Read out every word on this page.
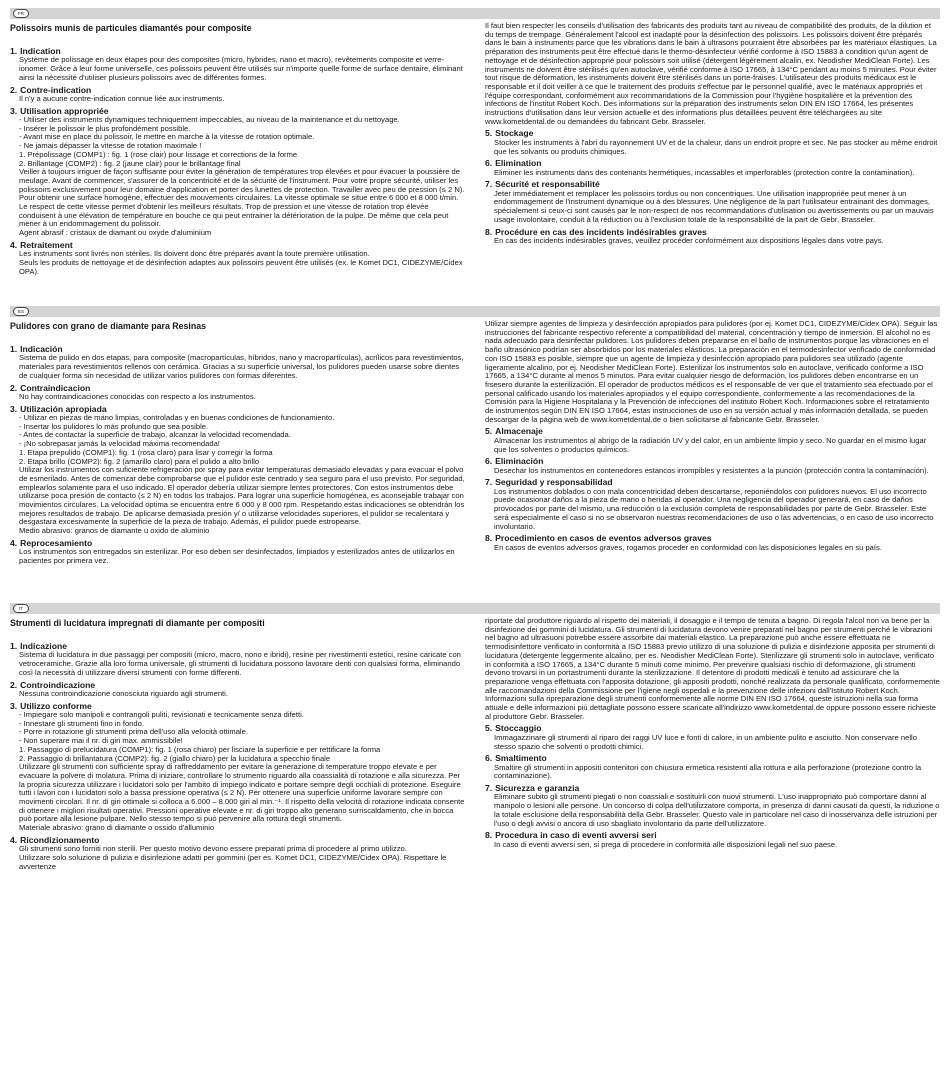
FR
Polissoirs munis de particules diamantés pour composite
1. Indication
Système de polissage en deux étapes pour des composites (micro, hybrides, nano et macro), revêtements composite et verre-ionomer. Grâce à leur forme universelle, ces polissoirs peuvent être utilisés sur n'importe quelle forme de surface dentaire, éliminant ainsi la nécessité d'utiliser plusieurs polissoirs avec de différentes formes.
2. Contre-indication
Il n'y a aucune contre-indication connue liée aux instruments.
3. Utilisation appropriée
- Utiliser des instruments dynamiques techniquement impeccables, au niveau de la maintenance et du nettoyage.
- Insérer le polissoir le plus profondément possible.
- Avant mise en place du polissoir, le mettre en marche à la vitesse de rotation optimale.
- Ne jamais dépasser la vitesse de rotation maximale !
1. Prépolissage (COMP1) : fig. 1 (rose clair) pour lissage et corrections de la forme
2. Brillantage (COMP2) : fig. 2 (jaune clair) pour le brillantage final
Veiller à toujours irriguer de façon suffisante pour éviter la génération de températures trop élevées et pour évacuer la poussière de meulage. Avant de commencer, s'assurer de la concentricité et de la sécurité de l'instrument. Pour votre propre sécurité, utiliser les polissoirs exclusivement pour leur domaine d'application et porter des lunettes de protection. Travailler avec peu de pression (≤ 2 N). Pour obtenir une surface homogène, effectuer des mouvements circulaires. La vitesse optimale se situe entre 6 000 et 8 000 t/min. Le respect de cette vitesse permet d'obtenir les meilleurs résultats. Trop de pression et une vitesse de rotation trop élevée conduisent à une élévation de température en bouche ce qui peut entrainer la détérioration de la pulpe. De même que cela peut mener à un endommagement du polissoir.
Agent abrasif : cristaux de diamant ou oxyde d'aluminium
4. Retraitement
Les instruments sont livrés non stériles. Ils doivent donc être préparés avant la toute première utilisation.
Seuls les produits de nettoyage et de désinfection adaptes aux polissoirs peuvent être utilisés (ex. le Komet DC1, CIDEZYME/Cidex OPA).
Il faut bien respecter les conseils d'utilisation des fabricants des produits tant au niveau de compatibilité des produits, de la dilution et du temps de trempage. Généralement l'alcool est inadapté pour la désinfection des polissoirs. Les polissoirs doivent être préparés dans le bain à instruments parce que les vibrations dans le bain à ultrasons pourraient être absorbées par les matériaux élastiques. La préparation des instruments peut être effectué dans le thermo-désinfecteur vérifié conforme à ISO 15883 à condition qu'un agent de nettoyage et de désinfection approprié pour polissoirs soit utilisé (détergent légèrement alcalin, ex. Neodisher MediClean Forte). Les instruments ne doivent être stérilisés qu'en autoclave, vérifié conforme à ISO 17665, à 134°C pendant au moins 5 minutes. Pour éviter tout risque de déformation, les instruments doivent être stérilisés dans un porte-fraises. L'utilisateur des produits médicaux est le responsable et il doit veiller à ce que le traitement des produits s'effectue par le personnel qualifié, avec le matériaux appropriés et l'équipe correspondant, conformément aux recommandations de la Commission pour l'hygiène hospitalière et la prévention des infections de l'institut Robert Koch. Des informations sur la préparation des instruments selon DIN EN ISO 17664, les présentes instructions d'utilisation dans leur version actuelle et des informations plus détaillées peuvent être téléchargées au site www.kometdental.de ou demandées du fabricant Gebr. Brasseler.
5. Stockage
Stocker les instruments à l'abri du rayonnement UV et de la chaleur, dans un endroit propre et sec. Ne pas stocker au même endroit que les solvants ou produits chimiques.
6. Elimination
Eliminer les instruments dans des contenants hermétiques, incassables et imperforables (protection contre la contamination).
7. Sécurité et responsabilité
Jeter immédiatement et remplacer les polissoirs tordus ou non concentriques. Une utilisation inappropriée peut mener à un endommagement de l'instrument dynamique ou à des blessures. Une négligence de la part l'utilisateur entrainant des dommages, spécialement si ceux-ci sont causés par le non-respect de nos recommandations d'utilisation ou avertissements ou par un mauvais usage involontaire, conduit à la réduction ou à l'exclusion totale de la responsabilité de la part de Gebr. Brasseler.
8. Procédure en cas des incidents indésirables graves
En cas des incidents indésirables graves, veuillez procéder conformément aux dispositions légales dans votre pays.
ES
Pulidores con grano de diamante para Resinas
1. Indicación
Sistema de pulido en dos etapas, para composite (macropartículas, híbridos, nano y macropartículas), acrílicos para revestimientos, materiales para revestimientos rellenos con cerámica. Gracias a su superficie universal, los pulidores pueden usarse sobre dientes de cualquier forma sin necesidad de utilizar varios pulidores con formas diferentes.
2. Contraindicacion
No hay contraindicaciones conocidas con respecto a los instrumentos.
3. Utilización apropiada
- Utilizar en piezas de mano limpias, controladas y en buenas condiciones de funcionamiento.
- Insertar los pulidores lo más profundo que sea posible.
- Antes de contactar la superficie de trabajo, alcanzar la velocidad recomendada.
- ¡No sobrepasar jamás la velocidad máxima recomendada!
1. Etapa prepulido (COMP1): fig. 1 (rosa claro) para lisar y corregir la forma
2. Etapa brillo (COMP2): fig. 2 (amarillo claro) para el pulido a alto brillo
Utilizar los instrumentos con suficiente refrigeración por spray para evitar temperaturas demasiado elevadas y para evacuar el polvo de esmerilado. Antes de comenzar debe comprobarse que el pulidor este centrado y sea seguro para el uso previsto. Por seguridad, emplearlos solamente para el uso indicado. El operador debería utilizar siempre lentes protectores. Con estos instrumentos debe utilizarse poca presión de contacto (≤ 2 N) en todos los trabajos. Para lograr una superficie homogénea, es aconsejable trabajar con movimientos circulares. La velocidad optima se encuentra entre 6 000 y 8 000 rpm. Respetando estas indicaciones se obtendrán los mejores resultados de trabajo. De aplicarse demasiada presión y/ o utilizarse velocidades superiores, el pulidor se recalentara y desgastara excesivamente la superficie de la pieza de trabajo. Además, el pulidor puede estropearse.
Medio abrasivo: granos de diamante u oxido de aluminio
4. Reprocesamiento
Los instrumentos son entregados sin esterilizar. Por eso deben ser desinfectados, limpiados y esterilizados antes de utilizarlos en pacientes por primera vez.
Utilizar siempre agentes de limpieza y desinfección apropiados para pulidores (por ej. Komet DC1, CIDEZYME/Cidex OPA). Seguir las instrucciones del fabricante respectivo referente a compatibilidad del material, concentración y tiempo de inmersión. El alcohol no es nada adecuado para desinfectar pulidores. Los pulidores deben prepararse en el baño de instrumentos porque las vibraciones en el baño ultrasónico podrían ser absorbidos por los materiales elásticos. La preparación en el termodesinfector verificado de conformidad con ISO 15883 es posible, siempre que un agente de limpieza y desinfección apropiado para pulidores sea utilizado (agente ligeramente alcalino, por ej. Neodisher MediClean Forte). Esterilizar los instrumentos solo en autoclave, verificado conforme a ISO 17665, a 134°C durante al menos 5 minutos. Para evitar cualquier riesgo de deformación, los pulidores deben encontrarse en un frsesero durante la esterilización. El operador de productos médicos es el responsable de ver que el tratamiento sea efectuado por el personal calificado usando los materiales apropiados y el equipo correspondiente, conformemente a las recomendaciones de la Comisión para la Higiene Hospitalaria y la Prevención de infecciones del instituto Robert Koch. Informaciones sobre el retratamiento de instrumentos según DIN EN ISO 17664, estas instrucciones de uso en su versión actual y más información detallada, se pueden descargar de la página web de www.kometdental.de o bien solicitarse al fabricante Gebr. Brasseler.
5. Almacenaje
Almacenar los instrumentos al abrigo de la radiación UV y del calor, en un ambiente limpio y seco. No guardar en el mismo lugar que los solventes o productos químicos.
6. Eliminación
Desechar los instrumentos en contenedores estancos irrompibles y resistentes a la punción (protección contra la contaminación).
7. Seguridad y responsabilidad
Los instrumentos doblados o con mala concentricidad deben descartarse, reponiéndolos con pulidores nuevos. El uso incorrecto puede ocasionar daños a la pieza de mano o heridas al operador. Una negligencia del operador generará, en caso de daños provocados por parte del mismo, una reducción o la exclusión completa de responsabilidades por parte de Gebr. Brasseler. Este será especialmente el caso si no se observaron nuestras recomendaciones de uso o las advertencias, o en caso de uso incorrecto involuntario.
8. Procedimiento en casos de eventos adversos graves
En casos de eventos adversos graves, rogamos proceder en conformidad con las disposiciones legales en su país.
IT
Strumenti di lucidatura impregnati di diamante per compositi
1. Indicazione
Sistema di lucidatura in due passaggi per compositi (micro, macro, nono e ibridi), resine per rivestimenti estetici, resine caricate con vetroceramiche. Grazie alla loro forma universale, gli strumenti di lucidatura possono lavorare denti con qualsiasi forma, eliminando così la necessità di utilizzare diversi strumenti con forme differenti.
2. Controindicazione
Nessuna controindicazione conosciuta riguardo agli strumenti.
3. Utilizzo conforme
- Impiegare solo manipoli e contrangoli puliti, revisionati e tecnicamente senza difetti.
- Innestare gli strumenti fino in fondo.
- Porre in rotazione gli strumenti prima dell'uso alla velocità ottimale.
- Non superare mai il nr. di giri max. ammissibile!
1. Passaggio di prelucidatura (COMP1): fig. 1 (rosa chiaro) per lisciare la superficie e per rettificare la forma
2. Passaggio di brillantatura (COMP2): fig. 2 (giallo chiaro) per la lucidatura a specchio finale
Utilizzare gli strumenti con sufficiente spray di raffreddamento per evitare la generazione di temperature troppo elevate e per evacuare la polvere di molatura. Prima di iniziare, controllare lo strumento riguardo alla coassialità di rotazione e alla sicurezza. Per la propria sicurezza utilizzare i lucidatori solo per l'ambito di impiego indicato e portare sempre degli occhiali di protezione. Eseguire tutti i lavori con i lucidatori solo a bassa pressione operativa (≤ 2 N). Per ottenere una superficie uniforme lavorare sempre con movimenti circolari. Il nr. di giri ottimale si colloca a 6.000 – 8.000 giri al min.⁻¹. Il rispetto della velocità di rotazione indicata consente di ottenere i migliori risultati operativi. Pressioni operative elevate e nr. di giri troppo alto generano surriscaldamento, che in bocca può portare alla lesione pulpare. Nello stesso tempo si può pervenire alla rottura degli strumenti.
Materiale abrasivo: grano di diamante o ossido d'alluminio
4. Ricondizionamento
Gli strumenti sono forniti non sterili. Per questo motivo devono essere preparati prima di procedere al primo utilizzo.
Utilizzare solo soluzione di pulizia e disinfezione adatti per gommini (per es. Komet DC1, CIDEZYME/Cidex OPA). Rispettare le avvertenze
riportate dal produttore riguardo al rispetto dei materiali, il dosaggio e il tempo de tenuta a bagno. Di regola l'alcol non va bene per la disinfezione dei gommini di lucidatura. Gli strumenti di lucidatura devono venire preparati nel bagno per strumenti perché le vibrazioni nel bagno ad ultrasuoni potrebbe essere assorbite dai materiali elastico. La preparazione può anche essere effettuata ne termodisinfettore verificato in conformità a ISO 15883 previo utilizzo di una soluzione di pulizia e disinfezione apposita per strumenti di lucidatura (detergente leggermente alcalino, per es. Neodisher MediClean Forte). Sterilizzare gli strumenti solo in autoclave, verificato in conformità a ISO 17665, a 134°C durante 5 minuti come minimo. Per prevenire qualsiasi rischio di deformazione, gli strumenti devono trovarsi in un portastrumenti durante la sterilizzazione. Il detentore di prodotti medicali è tenuto ad assicurare che la preparazione venga effettuata con l'apposita dotazione, gli appositi prodotti, nonché realizzata da personale qualificato, conformemente alle raccomandazioni della Commissione per l'igiene negli ospedali e la prevenzione delle infezioni dall'Istituto Robert Koch. Informazioni sulla ripreparazione degli strumenti conformemente alle norme DIN EN ISO 17664, queste istruzioni nella sua forma attuale e delle informazioni più dettagliate possono essere scaricate all'indirizzo www.kometdental.de oppure possono essere richieste al produttore Gebr. Brasseler.
5. Stoccaggio
Immagazzinare gli strumenti al riparo dei raggi UV luce e fonti di calore, in un ambiente pulito e asciutto. Non conservare nello stesso spazio che solventi o prodotti chimici.
6. Smaltimento
Smaltire gli strumenti in appositi contenitori con chiusura ermetica resistenti alla rottura e alla perforazione (protezione contro la contaminazione).
7. Sicurezza e garanzia
Eliminare subito gli strumenti piegati o non coassiali e sostituirli con nuovi strumenti. L'uso inappropriato può comportare danni al manipolo o lesioni alle persone. Un concorso di colpa dell'utilizzatore comporta, in presenza di danni causati da questi, la riduzione o la totale esclusione della responsabilità della Gebr. Brasseler. Questo vale in particolare nel caso di inosservanza delle istruzioni per l'uso o degli avvisi o ancora di uso sbagliato involontario da parte dell'utilizzatore.
8. Procedura in caso di eventi avversi seri
In caso di eventi avversi seri, si prega di procedere in conformità alle disposizioni legali nel suo paese.
